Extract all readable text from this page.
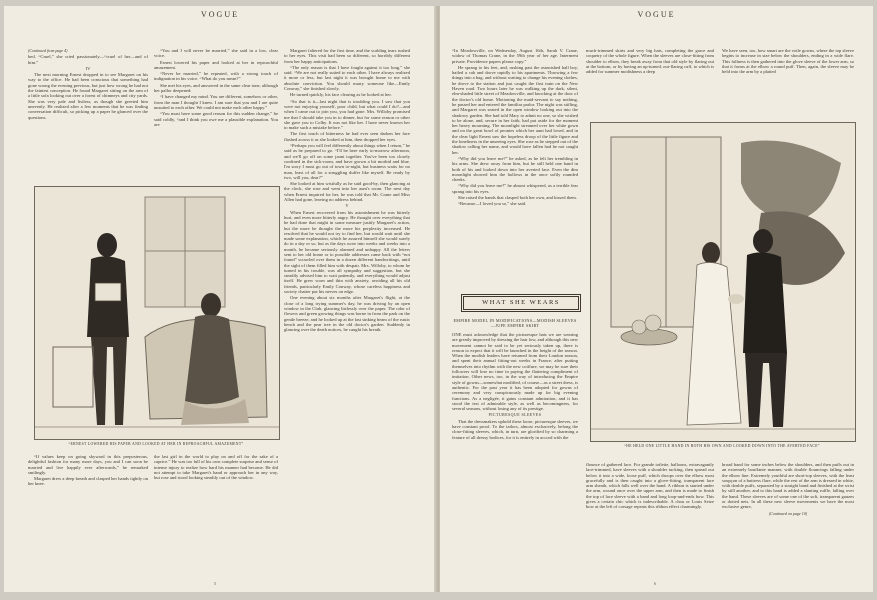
VOGUE

(Continued from page 4)

bed. “Cruel,” she cried passionately—“cruel of her—and of him.”

IV

The next morning Ernest dropped in to see Margaret on his way to the office. He had been conscious that something had gone wrong the evening previous, but just how wrong he had not the faintest conception. He found Margaret sitting on the arm of a little sofa looking out over a forest of chimneys and city yards. She was very pale and listless, as though she greeted him unevenly. He realized after a few moments that he was finding conversation difficult, so picking up a paper he glanced over the questions.

“You and I will never be married,” she said in a low, clear voice.

Ernest lowered his paper and looked at her in reproachful amazement.

“Never be married,” he repeated, with a strong touch of indignation in his voice. “What do you mean?”

She met his eyes, and answered in the same clear tone, although her pallor deepened:

“I have changed my mind. You are different, somehow or other, from the man I thought I knew. I am sure that you and I are quite unsuited to each other. We could not make each other happy.”

“You must have some good reason for this sudden change,” he said coldly, “and I think you owe me a plausible explanation. You are

Margaret faltered for the first time, and the scalding tears rushed to her eyes. This visit had been so different, so horribly different from her happy anticipations.

“The only reason is that I have fought against it too long,” she said. “We are not really suited to each other. I have always realized it more or less, but last night it was brought home to me with absolute conviction. You should marry someone like—Emily Conway,” she finished slowly.

He turned quickly, his face clearing as he looked at her.

“So that is it—last night that is troubling you. I saw that you were not enjoying yourself, poor child, but what could I do?—and when I came out to join you, you had gone. Mrs. Willoby promised me that I should take you in to dinner, but for some reason or other she gave you to Colby. It was not like her. I have never known her to make such a mistake before.”

The first touch of bitterness he had ever seen darken her face flashed across it as she looked at him, then dropped her eyes.

“Perhaps you will feel differently about things when I return,” he said as he prepared to go. “I'll be here early to-morrow afternoon, and we'll go off on some jaunt together. You've been too closely confined in the sick-room, and have grown a bit morbid and blue. I'm sorry I must go out of town to-night, but business waits for no man, least of all for a struggling duffer like myself. Be ready by two, will you, dear?”

She looked at him wistfully as he said good-by, then glancing at the clock, she rose and went into her aunt's room. The next day when Ernest inquired for her, he was told that Mr. Crane and Miss Allen had gone, leaving no address behind.

V

When Ernest recovered from his astonishment he was bitterly hurt, and even more bitterly angry. He thought over everything that he had done that might in some measure justify Margaret's action, but the more he thought the more his perplexity increased. He resolved that he would not try to find her, but would wait until she made some explanation, which he assured himself she would surely do in a day or so, but as the days wore into weeks and weeks into a month, he became seriously alarmed and unhappy. All the letters sent to her old home or to possible addresses came back with “not found” scrawled over them in a dozen different handwritings, until the sight of them filled him with despair. Mrs. Willoby, to whom he turned in his trouble, was all sympathy and suggestion, but she steadily advised him to wait patiently, and everything would adjust itself. He grew worn and thin with anxiety, avoiding all his old friends, particularly Emily Conway, whose careless happiness and society chatter put his nerves on edge.

One evening about six months after Margaret's flight, at the close of a long trying summer's day, he was driving by an open window in the Club, glancing listlessly over the paper. The odor of flowers and green growing things was borne in from the park on the gentle breeze, and he looked up at the last sinking beam of the rustic bench and the pear tree in the old doctor's garden. Suddenly in glancing over the death notices, he caught his breath.

“ERNEST LOWERED HIS PAPER AND LOOKED AT HER IN REPROACHFUL AMAZEMENT”

“If values keep on going skyward in this preposterous, delightful fashion for many more days, you and I can soon be married and live happily ever afterwards,” he remarked smilingly.

Margaret drew a deep breath and clasped her hands tightly on her knee.

the last girl in the world to play on and off for the sake of a caprice.” He was too full of his own complete surprise and sense of intense injury to realize how hard his manner had become. He did not attempt to take Margaret's hand or approach her in any way, but rose and stood looking steadily out of the window.

5
VOGUE

“In Meadowville, on Wednesday, August 16th, Sarah V. Crane, widow of Thomas Crane, in the 59th year of her age. Interment private. Providence papers please copy.”

He sprang to his feet, and, rushing past the astonished hall boy, hailed a cab and drove rapidly to his apartments. Throwing a few things into a bag, and without waiting to change his evening clothes, he drove to the station and just caught the first train on the New Haven road. Two hours later he was walking up the dark, silent, elm-shaded little street of Meadowville, and knocking at the door of the doctor's old home. Motioning the maid-servant to say nothing, he passed her and entered the familiar parlor. The night was stifling, and Margaret was seated in the open window looking out into the shadowy garden. She had told Mary to admit no one, so she wished to be alone, and, secure in her faith, had put aside for the moment her heavy mourning. The moonlight streamed over her white gown and on the great bowl of peonies which her aunt had loved, and in the clear light Ernest saw the hopeless droop of the little figure and the loneliness in the unseeing eyes. She rose as he stepped out of the shadow calling her name, and would have fallen had he not caught her.

“Why did you leave me?” he asked, as he felt her trembling in his arms. She drew away from him, but he still held one hand in both of his and looked down into her averted face. Even the dim moonlight showed him the hollows in the once softly rounded cheeks.

“Why did you leave me?” he almost whispered, as a terrible fear sprang into his eyes.

She raised the hands that clasped both her own, and kissed them.

“Because—I loved you so,” she said.

much-trimmed skirts and very big hats, completing the grace and coquetry of the whole figure. When the sleeves are close-fitting from shoulder to elbow, they break away from that old style by flaring out at the bottom, or by having an up-turned, out-flaring cuff, to which is added for summer modishness a deep

We have seen, too, how smart are the voile gowns, where the top sleeve begins to increase in size below the shoulders, ending in a wide flare. This fullness is then gathered into the glove sleeve of the lower arm, so that it forms at the elbow a round puff. Then, again, the sleeve may be held into the arm by a plaited

“HE HELD ONE LITTLE HAND IN BOTH HIS OWN AND LOOKED DOWN INTO THE AVERTED FACE”
WHAT SHE WEARS
EMPIRE MODEL IN MODIFICATIONS—MODISH SLEEVES—JUPE EMPIRE SKIRT

ONE must acknowledge that the picturesque hats we are wearing are greatly improved by dressing the hair low, and although this new movement cannot be said to be yet seriously taken up, there is reason to expect that it will be launched in the height of the season. When the modish leaders have returned from their London season, and spent their annual fitting-out weeks in France, after putting themselves into rhythm with the new coiffure, we may be sure their followers will lose no time in paying the flattering compliment of imitation. Other news, too, in the way of introducing the Empire style of gowns—somewhat modified, of course—as a street dress, is authentic. For the past year it has been adopted for gowns of ceremony and very conspicuously made up for big evening functions. As a negligée, it gains constant admiration, and it has stood the test of admirable style, as well as becomingness, for several seasons, without losing any of its prestige.

PICTURESQUE SLEEVES

That the dressmakers uphold these loose, picturesque sleeves, we have constant proof. To the tailors, almost exclusively, belong the close-fitting sleeves, which, in turn, are glorified by so charming a feature of all dressy bodices, for it is entirely in accord with the

flounce of gathered lace. For grande toilette, balloons, extravagantly lace-trimmed, have sleeves with a shoulder tucking, then spread out below it into a wide, loose puff, which droops over the elbow most gracefully and is then caught into a glove-fitting, transparent lace arm sheath, which falls well over the hand. A ribbon is started under the arm, wound once over the upper arm, and then is made to finish the top of lace sleeve with a band and long loop-and-ends bow. This gives a certain chic which is indescribable. A chou or Louis Seize bow at the left of corsage repeats this ribbon effect charmingly.

broad band for some inches below the shoulders, and then puffs out in an extremely bouffante manner, with double flouncings falling under the elbow line. Extremely youthful are short-top sleeves, with the least soupçon of a buttress flare, while the rest of the arm is dressed in white, with double puffs, separated by a straight band and finished at the wrist by still another, and to this band is added a slanting ruffle, falling over the hand. These sleeves are of some one of the soft, transparent gauzes or dotted nets. In all these new sleeve movements we have the most exclusive genre,

(Continued on page 10)

6
